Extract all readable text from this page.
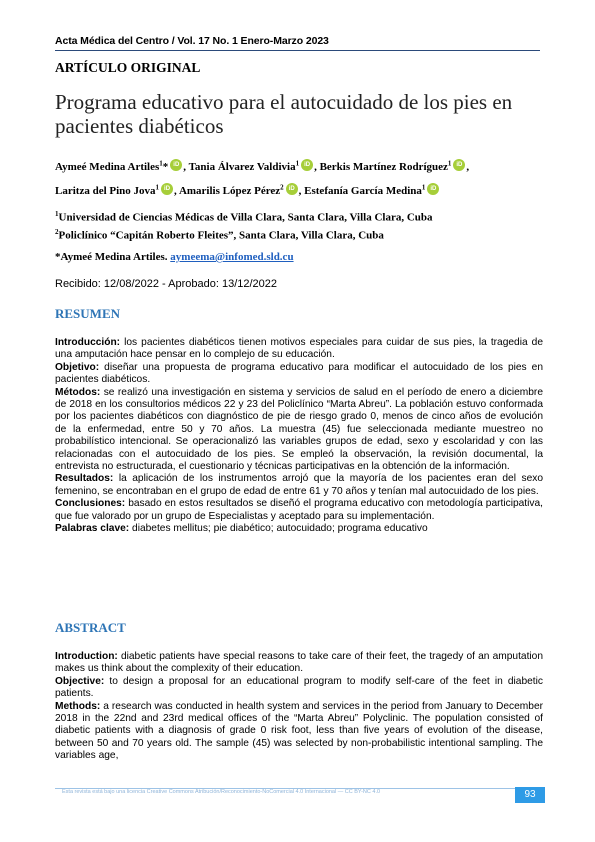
Acta Médica del Centro / Vol. 17 No. 1 Enero-Marzo 2023
ARTÍCULO ORIGINAL
Programa educativo para el autocuidado de los pies en pacientes diabéticos
Aymeé Medina Artiles$^1$* iD , Tania Álvarez Valdivia$^1$ iD , Berkis Martínez Rodríguez$^1$ iD ,
Laritza del Pino Jova$^1$ iD , Amarilis López Pérez$^2$ iD , Estefanía García Medina$^1$ iD
$^1$Universidad de Ciencias Médicas de Villa Clara, Santa Clara, Villa Clara, Cuba
$^2$Policlínico “Capitán Roberto Fleites”, Santa Clara, Villa Clara, Cuba
*Aymeé Medina Artiles. aymeema@infomed.sld.cu
Recibido: 12/08/2022 - Aprobado: 13/12/2022
RESUMEN

Introducción: los pacientes diabéticos tienen motivos especiales para cuidar de sus pies, la tragedia de una amputación hace pensar en lo complejo de su educación.

Objetivo: diseñar una propuesta de programa educativo para modificar el autocuidado de los pies en pacientes diabéticos.

Métodos: se realizó una investigación en sistema y servicios de salud en el período de enero a diciembre de 2018 en los consultorios médicos 22 y 23 del Policlínico “Marta Abreu”. La población estuvo conformada por los pacientes diabéticos con diagnóstico de pie de riesgo grado 0, menos de cinco años de evolución de la enfermedad, entre 50 y 70 años. La muestra (45) fue seleccionada mediante muestreo no probabilístico intencional. Se operacionalizó las variables grupos de edad, sexo y escolaridad y con las relacionadas con el autocuidado de los pies. Se empleó la observación, la revisión documental, la entrevista no estructurada, el cuestionario y técnicas participativas en la obtención de la información.

Resultados: la aplicación de los instrumentos arrojó que la mayoría de los pacientes eran del sexo femenino, se encontraban en el grupo de edad de entre 61 y 70 años y tenían mal autocuidado de los pies.

Conclusiones: basado en estos resultados se diseñó el programa educativo con metodología participativa, que fue valorado por un grupo de Especialistas y aceptado para su implementación.

Palabras clave: diabetes mellitus; pie diabético; autocuidado; programa educativo

ABSTRACT

Introduction: diabetic patients have special reasons to take care of their feet, the tragedy of an amputation makes us think about the complexity of their education.

Objective: to design a proposal for an educational program to modify self-care of the feet in diabetic patients.

Methods: a research was conducted in health system and services in the period from January to December 2018 in the 22nd and 23rd medical offices of the “Marta Abreu” Polyclinic. The population consisted of diabetic patients with a diagnosis of grade 0 risk foot, less than five years of evolution of the disease, between 50 and 70 years old. The sample (45) was selected by non-probabilistic intentional sampling. The variables age,

Esta revista está bajo una licencia Creative Commons Atribución/Reconocimiento-NoComercial 4.0 Internacional — CC BY-NC 4.0	93
